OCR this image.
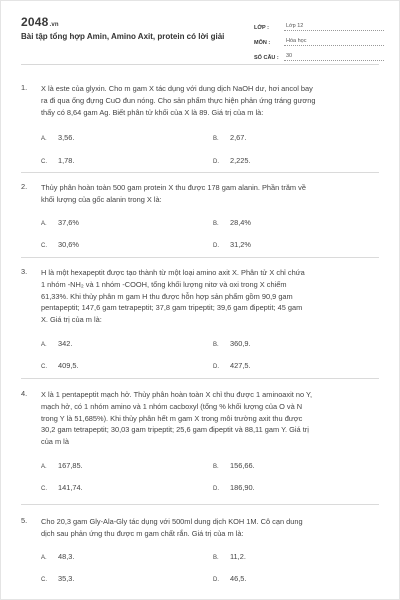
2048.vn
Bài tập tổng hợp Amin, Amino Axit, protein có lời giải
LỚP :	Lớp 12
MÔN :	Hóa học
SỐ CÂU :	30
1. X là este của glyxin. Cho m gam X tác dụng với dung dịch NaOH dư, hơi ancol bay
ra đi qua ống đựng CuO đun nóng. Cho sản phẩm thực hiện phản ứng tráng gương
thấy có 8,64 gam Ag. Biết phân tử khối của X là 89. Giá trị của m là:
A. 3,56.	B. 2,67.
C. 1,78.	D. 2,225.
2. Thủy phân hoàn toàn 500 gam protein X thu được 178 gam alanin. Phần trăm về
khối lượng của gốc alanin trong X là:
A. 37,6%	B. 28,4%
C. 30,6%	D. 31,2%
3. H là một hexapeptit được tạo thành từ một loại amino axit X. Phân tử X chỉ chứa
1 nhóm -NH₂ và 1 nhóm -COOH, tổng khối lượng nitơ và oxi trong X chiếm
61,33%. Khi thủy phân m gam H thu được hỗn hợp sản phẩm gồm 90,9 gam
pentapeptit; 147,6 gam tetrapeptit; 37,8 gam tripeptit; 39,6 gam đipeptit; 45 gam
X. Giá trị của m là:
A. 342.	B. 360,9.
C. 409,5.	D. 427,5.
4. X là 1 pentapeptit mạch hở. Thủy phân hoàn toàn X chỉ thu được 1 aminoaxit no Y,
mạch hở, có 1 nhóm amino và 1 nhóm cacboxyl (tổng % khối lượng của O và N
trong Y là 51,685%). Khi thủy phân hết m gam X trong môi trường axit thu được
30,2 gam tetrapeptit; 30,03 gam tripeptit; 25,6 gam đipeptit và 88,11 gam Y. Giá trị
của m là
A. 167,85.	B. 156,66.
C. 141,74.	D. 186,90.
5. Cho 20,3 gam Gly-Ala-Gly tác dụng với 500ml dung dịch KOH 1M. Cô cạn dung
dịch sau phản ứng thu được m gam chất rắn. Giá trị của m là:
A. 48,3.	B. 11,2.
C. 35,3.	D. 46,5.
